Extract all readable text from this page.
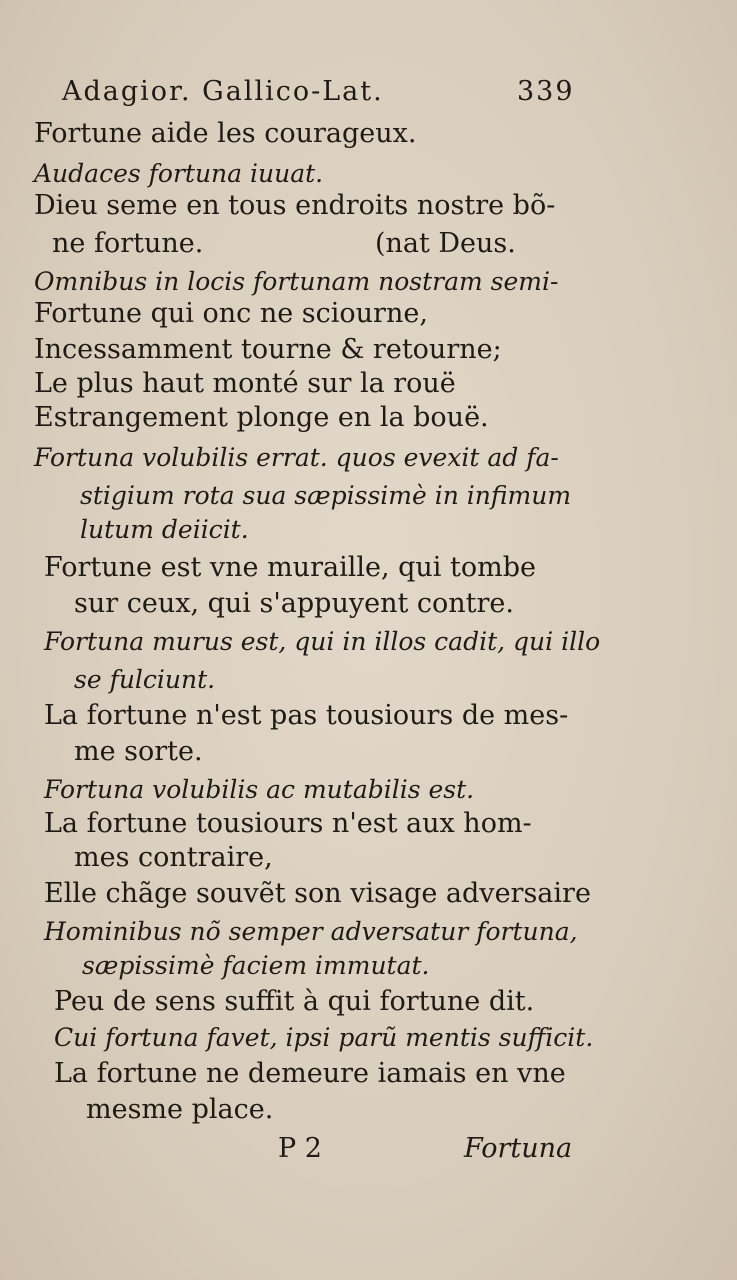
Adagior. Gallico-Lat.	339
Fortune aide les courageux.
Audaces fortuna iuuat.
Dieu seme en tous endroits nostre bõ-
ne fortune.                    (nat Deus.
Omnibus in locis fortunam nostram semi-
Fortune qui onc ne sciourne,
Incessamment tourne & retourne;
Le plus haut monté sur la rouë
Estrangement plonge en la bouë.
Fortuna volubilis errat. quos evexit ad fa-
stigium rota sua sæpissimè in infimum
lutum deiicit.
Fortune est vne muraille, qui tombe
sur ceux, qui s'appuyent contre.
Fortuna murus est, qui in illos cadit, qui illo
se fulciunt.
La fortune n'est pas tousiours de mes-
me sorte.
Fortuna volubilis ac mutabilis est.
La fortune tousiours n'est aux hom-
mes contraire,
Elle chãge souvẽt son visage adversaire
Hominibus nõ semper adversatur fortuna,
sæpissimè faciem immutat.
Peu de sens suffit à qui fortune dit.
Cui fortuna favet, ipsi parũ mentis sufficit.
La fortune ne demeure iamais en vne
mesme place.
P 2	Fortuna
